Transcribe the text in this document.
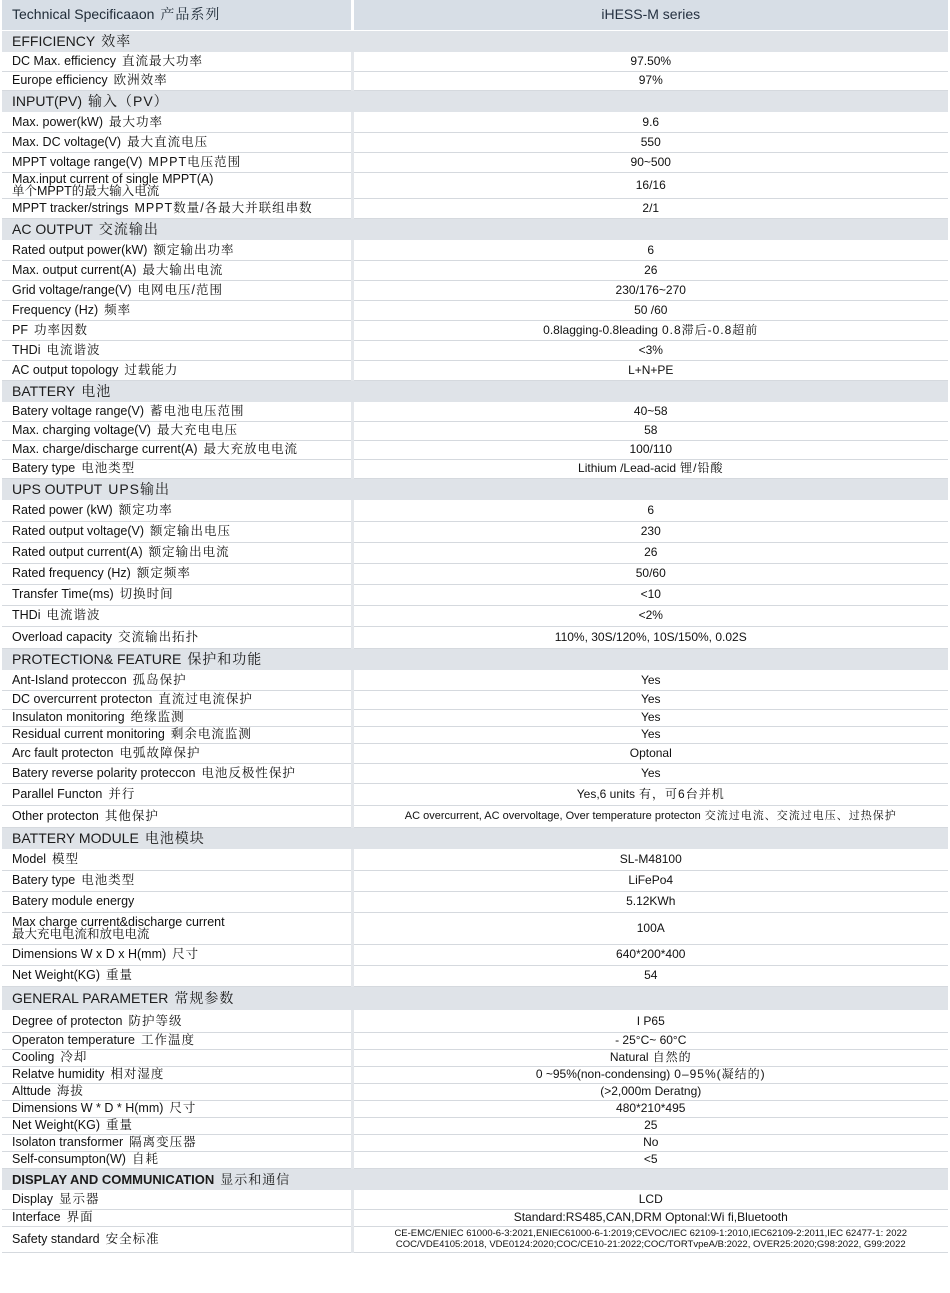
Technical Specificaaon 产品系列	iHESS-M series
EFFICIENCY 效率	
DC Max. efficiency 直流最大功率	97.50%
Europe efficiency 欧洲效率	97%
INPUT(PV) 输入（PV）	
Max. power(kW) 最大功率	9.6
Max. DC voltage(V) 最大直流电压	550
MPPT voltage range(V) MPPT电压范围	90~500
Max.input current of single MPPT(A)
单个MPPT的最大输入电流	16/16
MPPT tracker/strings MPPT数量/各最大并联组串数	2/1
AC OUTPUT 交流输出	
Rated output power(kW) 额定输出功率	6
Max. output current(A) 最大输出电流	26
Grid voltage/range(V) 电网电压/范围	230/176~270
Frequency (Hz) 频率	50 /60
PF 功率因数	0.8lagging-0.8leading 0.8滞后-0.8超前
THDi 电流谐波	<3%
AC output topology 过载能力	L+N+PE
BATTERY 电池	
Batery voltage range(V) 蓄电池电压范围	40~58
Max. charging voltage(V) 最大充电电压	58
Max. charge/discharge current(A) 最大充放电电流	100/110
Batery type 电池类型	Lithium /Lead-acid 锂/铅酸
UPS OUTPUT UPS输出	
Rated power (kW) 额定功率	6
Rated output voltage(V) 额定输出电压	230
Rated output current(A) 额定输出电流	26
Rated frequency (Hz) 额定频率	50/60
Transfer Time(ms) 切换时间	<10
THDi 电流谐波	<2%
Overload capacity 交流输出拓扑	110%, 30S/120%, 10S/150%, 0.02S
PROTECTION& FEATURE 保护和功能	
Ant-Island proteccon 孤岛保护	Yes
DC overcurrent protecton 直流过电流保护	Yes
Insulaton monitoring 绝缘监测	Yes
Residual current monitoring 剩余电流监测	Yes
Arc fault protecton 电弧故障保护	Optonal
Batery reverse polarity proteccon 电池反极性保护	Yes
Parallel Functon 并行	Yes,6 units 有，可6台并机
Other protecton 其他保护	AC overcurrent, AC overvoltage, Over temperature protecton 交流过电流、交流过电压、过热保护
BATTERY MODULE 电池模块	
Model 模型	SL-M48100
Batery type 电池类型	LiFePo4
Batery module energy	5.12KWh
Max charge current&discharge current
最大充电电流和放电电流	100A
Dimensions W x D x H(mm) 尺寸	640*200*400
Net Weight(KG) 重量	54
GENERAL PARAMETER 常规参数	
Degree of protecton 防护等级	I P65
Operaton temperature 工作温度	- 25°C~ 60°C
Cooling 冷却	Natural 自然的
Relatve humidity 相对湿度	0 ~95%(non-condensing) 0–95%(凝结的)
Alttude 海拔	(>2,000m Deratng)
Dimensions W * D * H(mm) 尺寸	480*210*495
Net Weight(KG) 重量	25
Isolaton transformer 隔离变压器	No
Self-consumpton(W) 自耗	<5
DISPLAY AND COMMUNICATION 显示和通信	
Display 显示器	LCD
Interface 界面	Standard:RS485,CAN,DRM Optonal:Wi fi,Bluetooth
Safety standard 安全标准	CE-EMC/ENIEC 61000-6-3:2021,ENIEC61000-6-1:2019;CEVOC/IEC 62109-1:2010,IEC62109-2:2011,IEC 62477-1: 2022 COC/VDE4105:2018, VDE0124:2020;COC/CE10-21:2022;COC/TORTvpeA/B:2022, OVER25:2020;G98:2022, G99:2022
